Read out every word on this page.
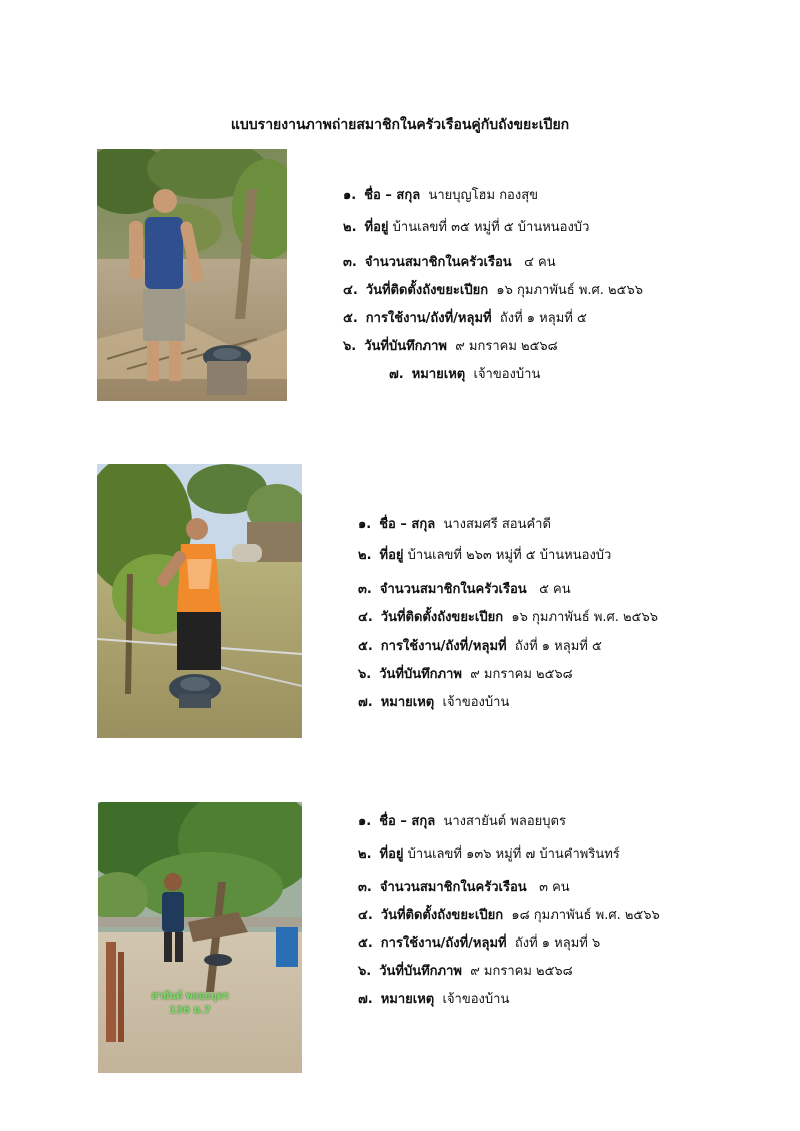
แบบรายงานภาพถ่ายสมาชิกในครัวเรือนคู่กับถังขยะเปียก
๑. ชื่อ – สกุล นายบุญโฮม กองสุข
๒. ที่อยู่ บ้านเลขที่ ๓๕ หมู่ที่ ๕ บ้านหนองบัว
๓. จำนวนสมาชิกในครัวเรือน ๔ คน
๔. วันที่ติดตั้งถังขยะเปียก ๑๖ กุมภาพันธ์ พ.ศ. ๒๕๖๖
๕. การใช้งาน/ถังที่/หลุมที่ ถังที่ ๑ หลุมที่ ๕
๖. วันที่บันทึกภาพ ๙ มกราคม ๒๕๖๘
๗. หมายเหตุ เจ้าของบ้าน
๑. ชื่อ – สกุล นางสมศรี สอนคำดี
๒. ที่อยู่ บ้านเลขที่ ๒๖๓ หมู่ที่ ๕ บ้านหนองบัว
๓. จำนวนสมาชิกในครัวเรือน ๕ คน
๔. วันที่ติดตั้งถังขยะเปียก ๑๖ กุมภาพันธ์ พ.ศ. ๒๕๖๖
๕. การใช้งาน/ถังที่/หลุมที่ ถังที่ ๑ หลุมที่ ๕
๖. วันที่บันทึกภาพ ๙ มกราคม ๒๕๖๘
๗. หมายเหตุ เจ้าของบ้าน
สายันต์ พลอยบุตร
136 ม.7
๑. ชื่อ – สกุล นางสายันต์ พลอยบุตร
๒. ที่อยู่ บ้านเลขที่ ๑๓๖ หมู่ที่ ๗ บ้านคำพรินทร์
๓. จำนวนสมาชิกในครัวเรือน ๓ คน
๔. วันที่ติดตั้งถังขยะเปียก ๑๘ กุมภาพันธ์ พ.ศ. ๒๕๖๖
๕. การใช้งาน/ถังที่/หลุมที่ ถังที่ ๑ หลุมที่ ๖
๖. วันที่บันทึกภาพ ๙ มกราคม ๒๕๖๘
๗. หมายเหตุ เจ้าของบ้าน
